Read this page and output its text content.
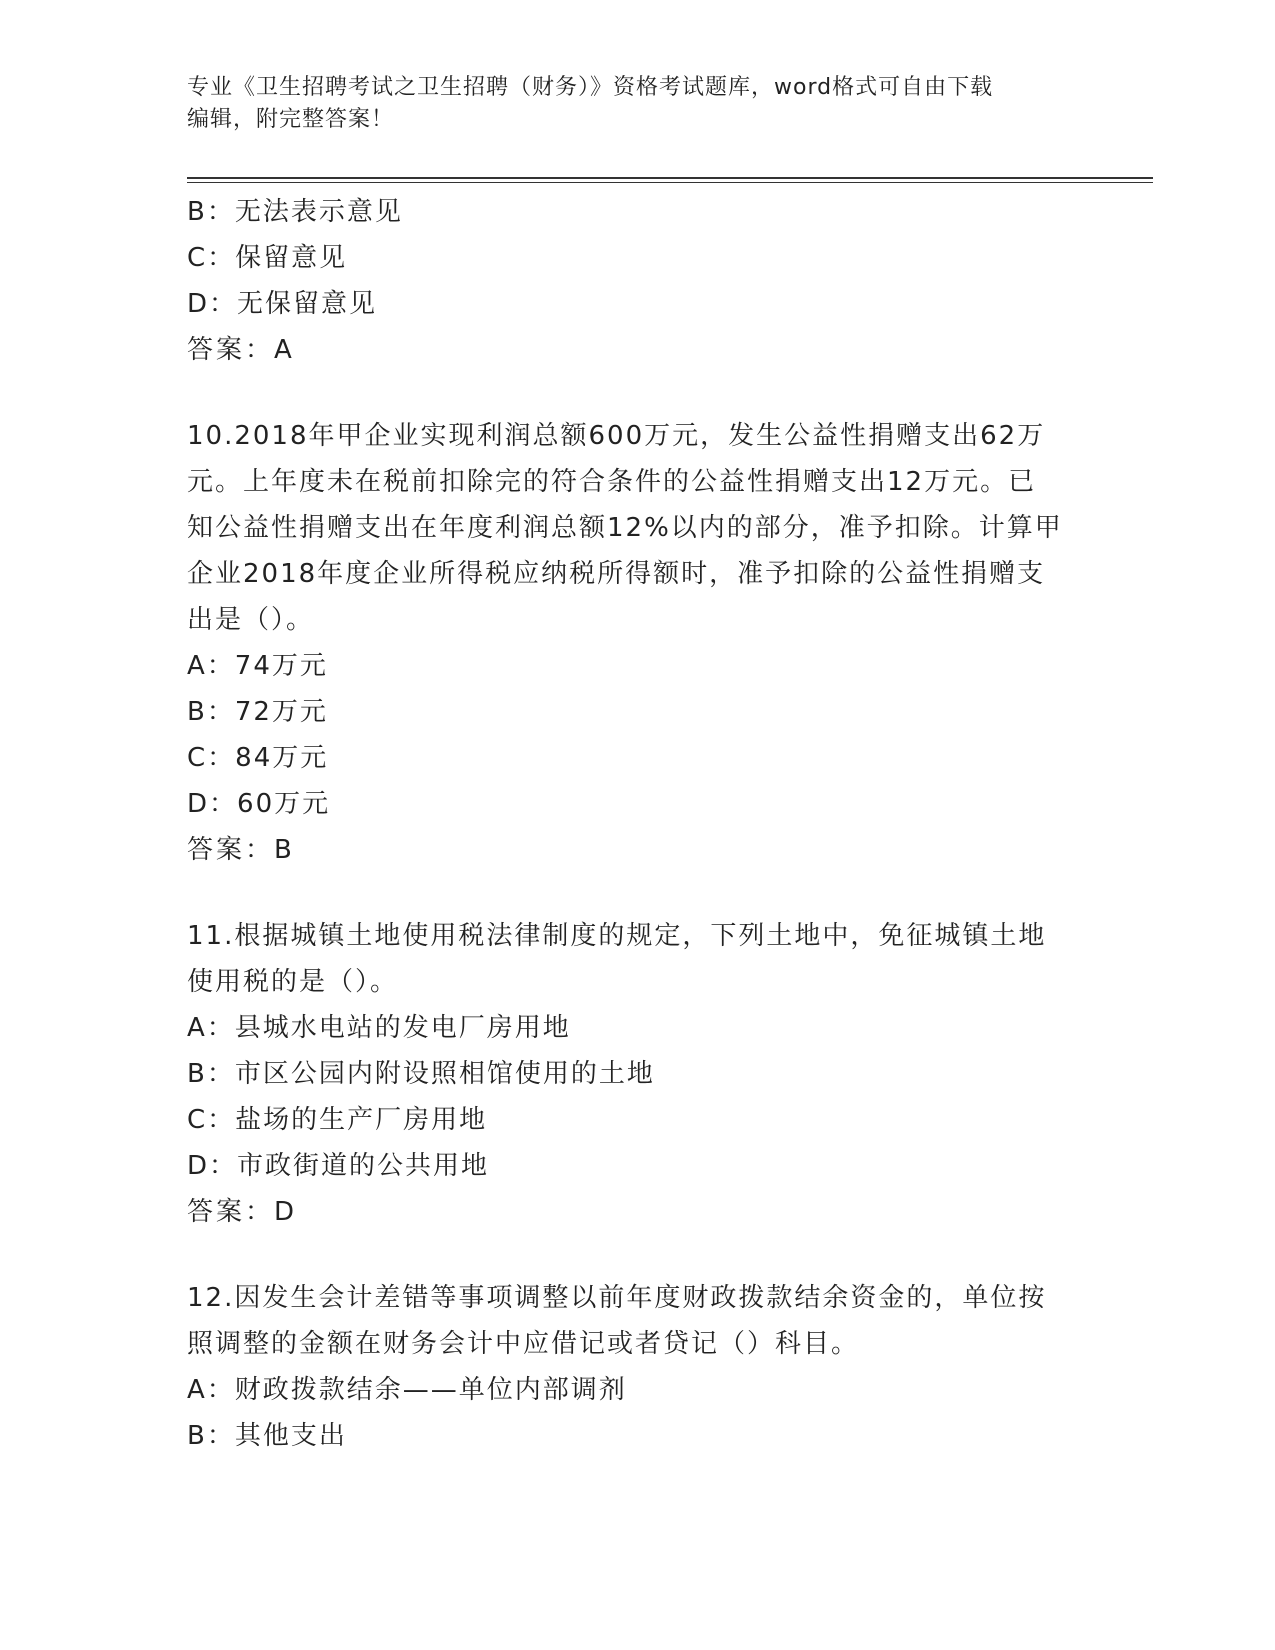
专业《卫生招聘考试之卫生招聘（财务）》资格考试题库，word格式可自由下载
编辑，附完整答案！
B：无法表示意见
C：保留意见
D：无保留意见
答案：A
10.2018年甲企业实现利润总额600万元，发生公益性捐赠支出62万
元。上年度未在税前扣除完的符合条件的公益性捐赠支出12万元。已
知公益性捐赠支出在年度利润总额12%以内的部分，准予扣除。计算甲
企业2018年度企业所得税应纳税所得额时，准予扣除的公益性捐赠支
出是（）。
A：74万元
B：72万元
C：84万元
D：60万元
答案：B
11.根据城镇土地使用税法律制度的规定，下列土地中，免征城镇土地
使用税的是（）。
A：县城水电站的发电厂房用地
B：市区公园内附设照相馆使用的土地
C：盐场的生产厂房用地
D：市政街道的公共用地
答案：D
12.因发生会计差错等事项调整以前年度财政拨款结余资金的，单位按
照调整的金额在财务会计中应借记或者贷记（）科目。
A：财政拨款结余——单位内部调剂
B：其他支出
